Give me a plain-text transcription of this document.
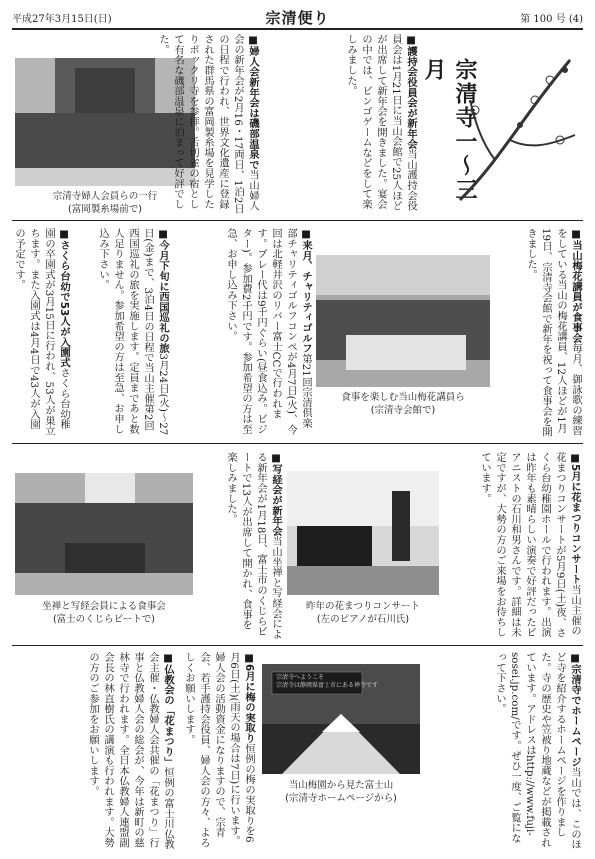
平成27年3月15日(日)	宗清便り	第 100 号 (4)
宗清寺婦人会員らの一行
(富岡製糸場前で)
■ 婦人会新年会は磯部温泉で当山婦人会の新年会が2月16・17両日、1泊2日の日程で行われ、世界文化遺産に登録された群馬県の富岡製糸場を見学したりポックリ寺を参拝。舌切雀の宿として有名な磯部温泉に泊まって好評でした。
■ 護持会役員会が新年会当山護持会役員会は1月21日に当山会館で25人ほどが出席して新年会を開きました。宴会の中では、ビンゴゲームなどをして楽しみました。	宗清寺一〜三月
■ さくら台幼で53人が入園式さくら台幼稚園の卒園式が3月15日に行われ、53人が巣立ちます。また入園式は4月4日で43人が入園の予定です。	■ 今月下旬に西国巡礼の旅3月24日(火)〜27日(金)まで、3泊4日の日程で当山主催第2回西国巡礼の旅を実施します。定員まであと数人足りません。参加希望の方は至急、お申し込み下さい。	■ 来月、チャリティゴルフ第21回宗清倶楽部チャリティゴルフコンペが4月7日(火)、今回は北軽井沢のリバー富士CCで行われます。プレー代は9千円ぐらい(昼食込み。ビジター)。参加費2千円です。参加希望の方は至急、お申し込み下さい。
食事を楽しむ当山梅花講員ら
(宗清寺会館で)
■ 当山梅花講員が食事会毎月、御詠歌の練習をしている当山の梅花講員、12人ほどが1月19日、宗清寺会館で新年を祝って食事会を開きました。
坐禅と写経会員による食事会
(富士のくじらビートで)
■ 写経会が新年会当山坐禅と写経会による新年会が1月18日、富士市のくじらビートで13人が出席して開かれ、食事を楽しみました。
昨年の花まつりコンサート
(左のピアノが石川氏)
■ 5月に花まつりコンサート当山主催の花まつりコンサートが5月9日(土)夜、さくら台幼稚園ホールで行われます。出演は昨年も素晴らしい演奏で好評だったピアニストの石川和男さんです。詳細は未定ですが、大勢の方のご来場をお待ちしています。
■ 仏教会の「花まつり」恒例の富士川仏教会主催・仏教婦人会共催の「花まつり」行事と仏教婦人会の総会が、今年は新町の慈林寺で行われます。全日本仏教婦人連盟副会長の林直樹氏の講演も行われます。大勢の方のご参加をお願いします。	■ 6月に梅の実取り恒例の梅の実取りを6月6日(土)(雨天の場合は7日)に行います。婦人会の活動資金になりますので、宗青会、若手護持会役員、婦人会の方々、よろしくお願いします。	宗清寺へようこそ
宗清寺は静岡県富士市にある禅寺です
当山梅園から見た富士山
(宗清寺ホームページから)
■ 宗清寺でホームページ当山では、このほど寺を紹介するホームページを作りました。寺の歴史や笠被り地蔵などが掲載されています。アドレスはhttp://www.fuji-sosei.jp.com/です。ぜひ一度、ご覧になって下さい。
